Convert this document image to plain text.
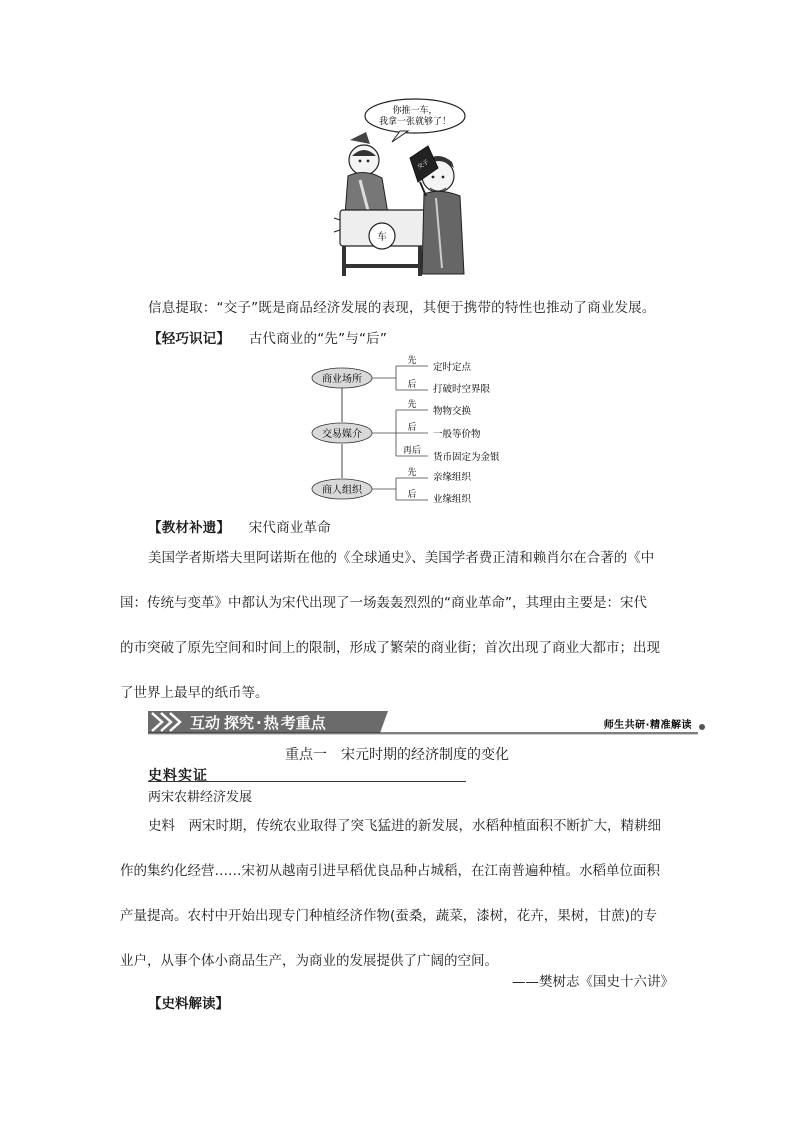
你推一车，
我拿一张就够了！
车
交子
信息提取：“交子”既是商品经济发展的表现，其便于携带的特性也推动了商业发展。
【轻巧识记】 古代商业的“先”与“后”
商业场所
先
后
定时定点
打破时空界限
交易媒介
先
后
再后
物物交换
一般等价物
货币固定为金银
商人组织
先
后
亲缘组织
业缘组织
【教材补遗】 宋代商业革命
美国学者斯塔夫里阿诺斯在他的《全球通史》、美国学者费正清和赖肖尔在合著的《中
国：传统与变革》中都认为宋代出现了一场轰轰烈烈的“商业革命”，其理由主要是：宋代
的市突破了原先空间和时间上的限制，形成了繁荣的商业街；首次出现了商业大都市；出现
了世界上最早的纸币等。
互动 探究 · 热 考重点	师生共研·精准解读
重点一　宋元时期的经济制度的变化
史料实证
两宋农耕经济发展
史料　两宋时期，传统农业取得了突飞猛进的新发展，水稻种植面积不断扩大，精耕细
作的集约化经营……宋初从越南引进早稻优良品种占城稻，在江南普遍种植。水稻单位面积
产量提高。农村中开始出现专门种植经济作物(蚕桑，蔬菜，漆树，花卉，果树，甘蔗)的专
业户，从事个体小商品生产，为商业的发展提供了广阔的空间。
——樊树志《国史十六讲》
【史料解读】
